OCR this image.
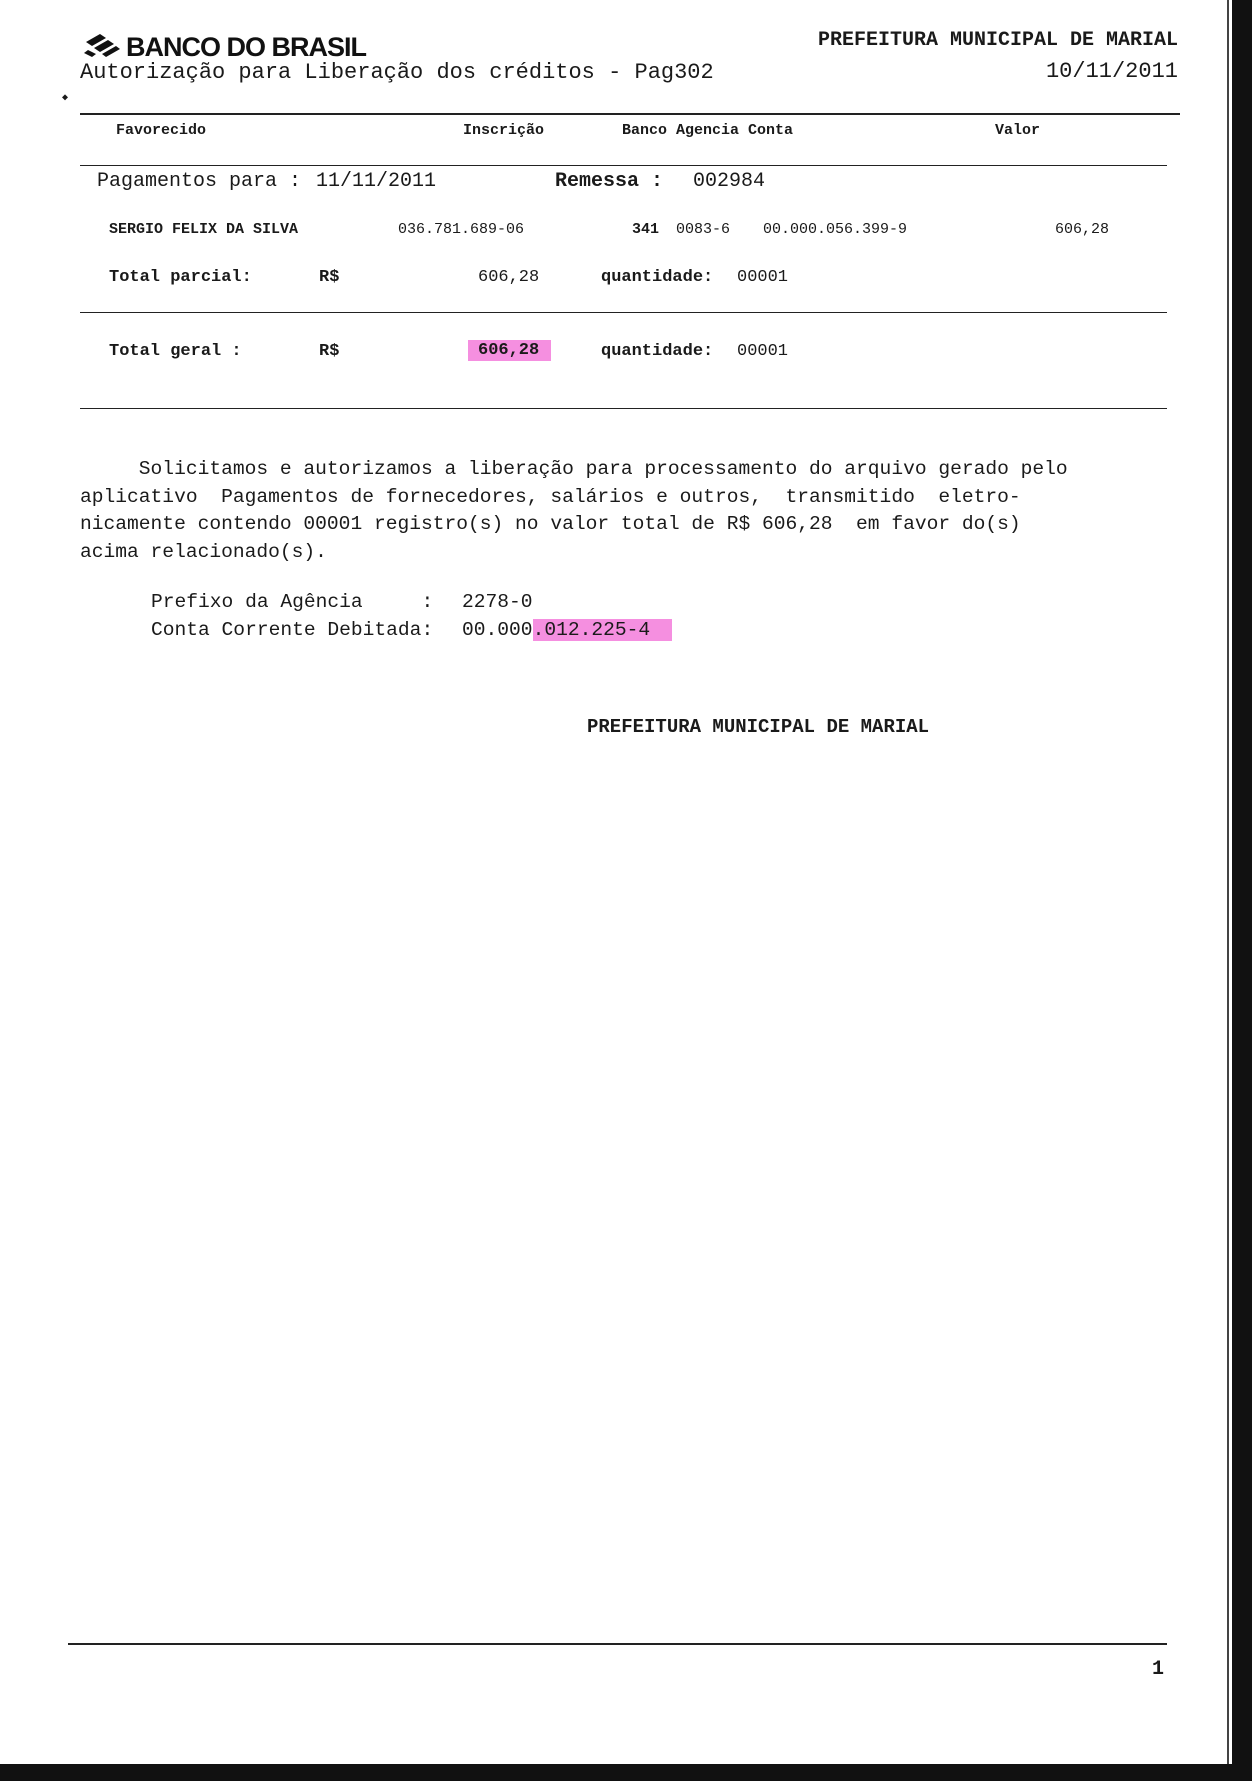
BANCO DO BRASIL
Autorização para Liberação dos créditos - Pag302
PREFEITURA MUNICIPAL DE MARIAL
10/11/2011
◆
Favorecido	Inscrição	Banco Agencia Conta	Valor
Pagamentos para : 11/11/2011	Remessa : 002984
SERGIO FELIX DA SILVA	036.781.689-06	341 0083-6 00.000.056.399-9	606,28
Total parcial:	R$	606,28	quantidade: 00001
Total geral :	R$	606,28	quantidade: 00001
Solicitamos e autorizamos a liberação para processamento do arquivo gerado pelo
aplicativo  Pagamentos de fornecedores, salários e outros,  transmitido  eletro-
nicamente contendo 00001 registro(s) no valor total de R$ 606,28  em favor do(s)
acima relacionado(s).
Prefixo da Agência     : 2278-0
Conta Corrente Debitada: 00.000.012.225-4
PREFEITURA MUNICIPAL DE MARIAL
1
